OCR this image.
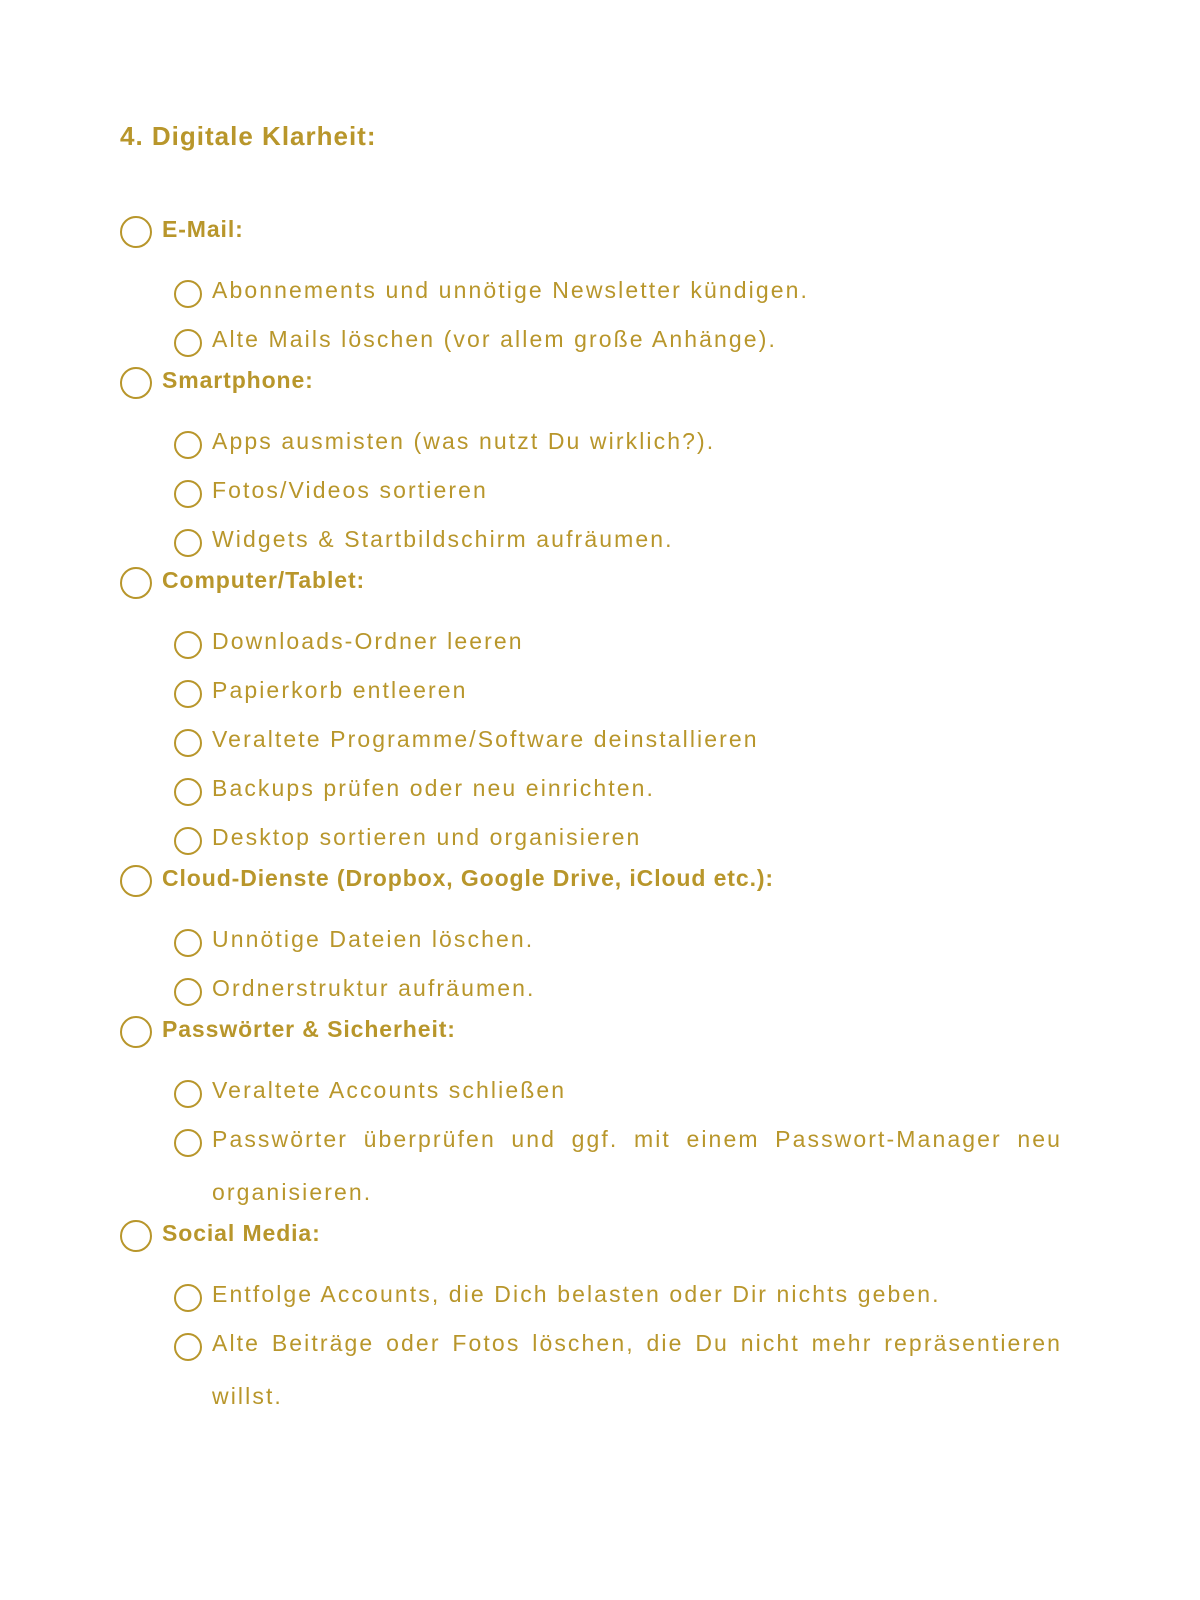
4. Digitale Klarheit:
E-Mail:
Abonnements und unnötige Newsletter kündigen.
Alte Mails löschen (vor allem große Anhänge).
Smartphone:
Apps ausmisten (was nutzt Du wirklich?).
Fotos/Videos sortieren
Widgets & Startbildschirm aufräumen.
Computer/Tablet:
Downloads-Ordner leeren
Papierkorb entleeren
Veraltete Programme/Software deinstallieren
Backups prüfen oder neu einrichten.
Desktop sortieren und organisieren
Cloud-Dienste (Dropbox, Google Drive, iCloud etc.):
Unnötige Dateien löschen.
Ordnerstruktur aufräumen.
Passwörter & Sicherheit:
Veraltete Accounts schließen
Passwörter überprüfen und ggf. mit einem Passwort-Manager neu organisieren.
Social Media:
Entfolge Accounts, die Dich belasten oder Dir nichts geben.
Alte Beiträge oder Fotos löschen, die Du nicht mehr repräsentieren willst.
